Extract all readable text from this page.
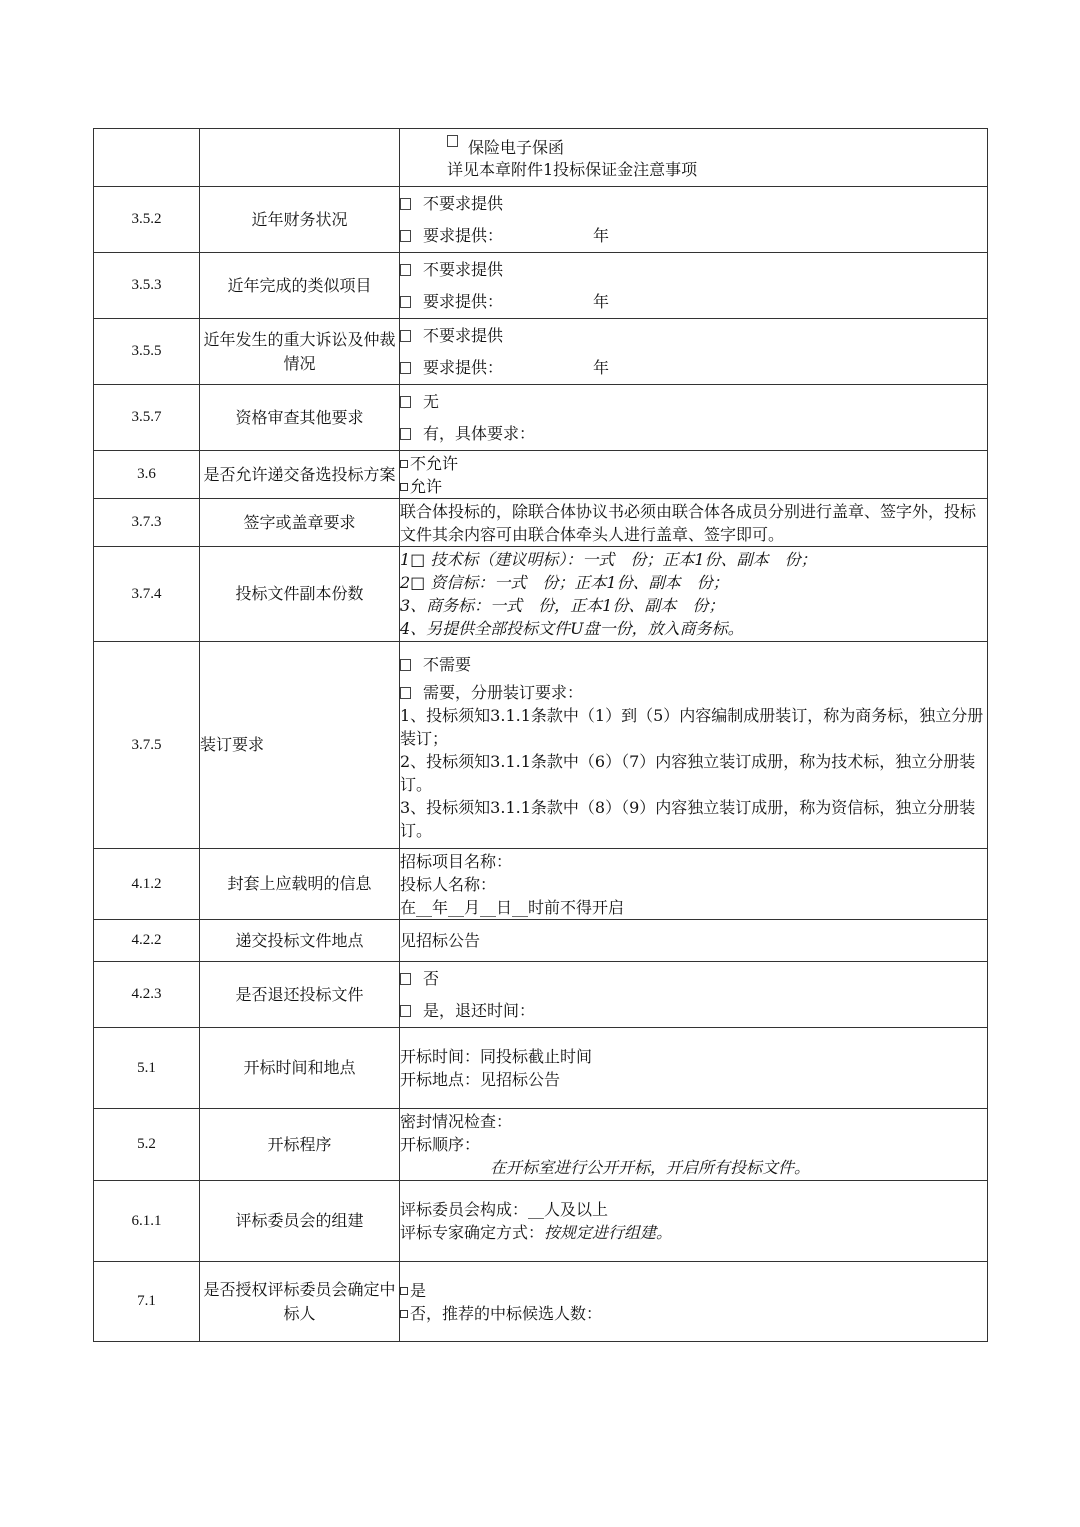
		保险电子保函
详见本章附件1投标保证金注意事项

3.5.2	近年财务状况	不要求提供
要求提供： 年

3.5.3	近年完成的类似项目	不要求提供
要求提供： 年

3.5.5	近年发生的重大诉讼及仲裁情况	不要求提供
要求提供： 年

3.5.7	资格审查其他要求	无
有，具体要求：

3.6	是否允许递交备选投标方案	不允许
允许

3.7.3	签字或盖章要求	联合体投标的，除联合体协议书必须由联合体各成员分别进行盖章、签字外，投标文件其余内容可由联合体牵头人进行盖章、签字即可。

3.7.4	投标文件副本份数	1□ 技术标（建议明标）：一式　份；正本1份、副本　份；
2□ 资信标：一式　份；正本1份、副本　份；
3、商务标：一式　份，正本1份、副本　份；
4、另提供全部投标文件U盘一份，放入商务标。

3.7.5	装订要求	不需要
需要，分册装订要求：
1、投标须知3.1.1条款中（1）到（5）内容编制成册装订，称为商务标，独立分册装订；
2、投标须知3.1.1条款中（6）（7）内容独立装订成册，称为技术标，独立分册装订。
3、投标须知3.1.1条款中（8）（9）内容独立装订成册，称为资信标，独立分册装订。

4.1.2	封套上应载明的信息	招标项目名称：
投标人名称：
在__年__月__日__时前不得开启

4.2.2	递交投标文件地点	见招标公告

4.2.3	是否退还投标文件	否
是，退还时间：

5.1	开标时间和地点	开标时间：同投标截止时间
开标地点：见招标公告

5.2	开标程序	密封情况检查：
开标顺序：
在开标室进行公开开标，开启所有投标文件。

6.1.1	评标委员会的组建	评标委员会构成：__人及以上
评标专家确定方式：按规定进行组建。

7.1	是否授权评标委员会确定中标人	是
否，推荐的中标候选人数：
